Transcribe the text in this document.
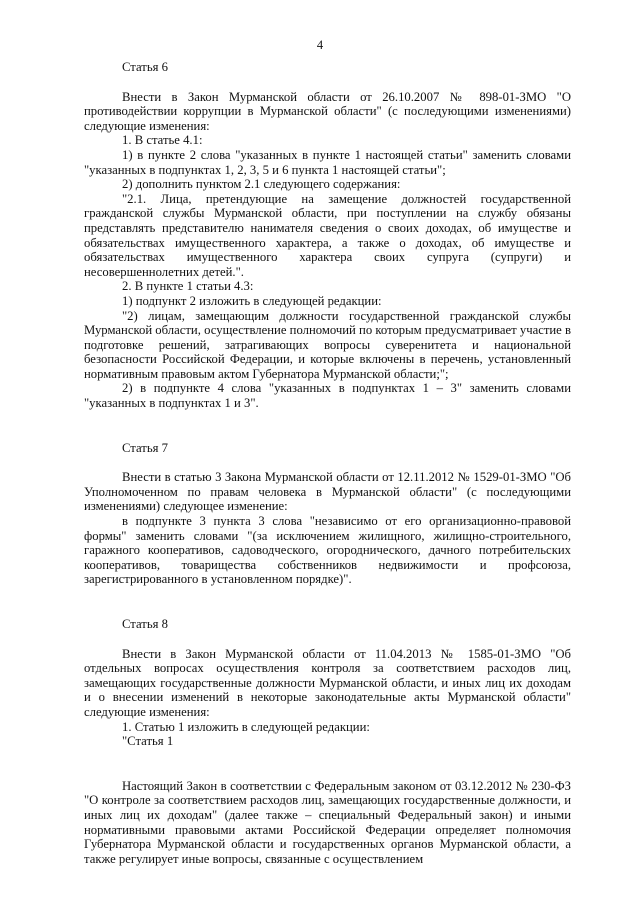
4

Статья 6

Внести в Закон Мурманской области от 26.10.2007 № 898-01-ЗМО "О противодействии коррупции в Мурманской области" (с последующими изменениями) следующие изменения:

1. В статье 4.1:

1) в пункте 2 слова "указанных в пункте 1 настоящей статьи" заменить словами "указанных в подпунктах 1, 2, 3, 5 и 6 пункта 1 настоящей статьи";

2) дополнить пунктом 2.1 следующего содержания:

"2.1. Лица, претендующие на замещение должностей государственной гражданской службы Мурманской области, при поступлении на службу обязаны представлять представителю нанимателя сведения о своих доходах, об имуществе и обязательствах имущественного характера, а также о доходах, об имуществе и обязательствах имущественного характера своих супруга (супруги) и несовершеннолетних детей.".

2. В пункте 1 статьи 4.3:

1) подпункт 2 изложить в следующей редакции:

"2) лицам, замещающим должности государственной гражданской службы Мурманской области, осуществление полномочий по которым предусматривает участие в подготовке решений, затрагивающих вопросы суверенитета и национальной безопасности Российской Федерации, и которые включены в перечень, установленный нормативным правовым актом Губернатора Мурманской области;";

2) в подпункте 4 слова "указанных в подпунктах 1 – 3" заменить словами "указанных в подпунктах 1 и 3".

Статья 7

Внести в статью 3 Закона Мурманской области от 12.11.2012 № 1529-01-ЗМО "Об Уполномоченном по правам человека в Мурманской области" (с последующими изменениями) следующее изменение:

в подпункте 3 пункта 3 слова "независимо от его организационно-правовой формы" заменить словами "(за исключением жилищного, жилищно-строительного, гаражного кооперативов, садоводческого, огороднического, дачного потребительских кооперативов, товарищества собственников недвижимости и профсоюза, зарегистрированного в установленном порядке)".

Статья 8

Внести в Закон Мурманской области от 11.04.2013 № 1585-01-ЗМО "Об отдельных вопросах осуществления контроля за соответствием расходов лиц, замещающих государственные должности Мурманской области, и иных лиц их доходам и о внесении изменений в некоторые законодательные акты Мурманской области" следующие изменения:

1. Статью 1 изложить в следующей редакции:

"Статья 1

Настоящий Закон в соответствии с Федеральным законом от 03.12.2012 № 230-ФЗ "О контроле за соответствием расходов лиц, замещающих государственные должности, и иных лиц их доходам" (далее также – специальный Федеральный закон) и иными нормативными правовыми актами Российской Федерации определяет полномочия Губернатора Мурманской области и государственных органов Мурманской области, а также регулирует иные вопросы, связанные с осуществлением
